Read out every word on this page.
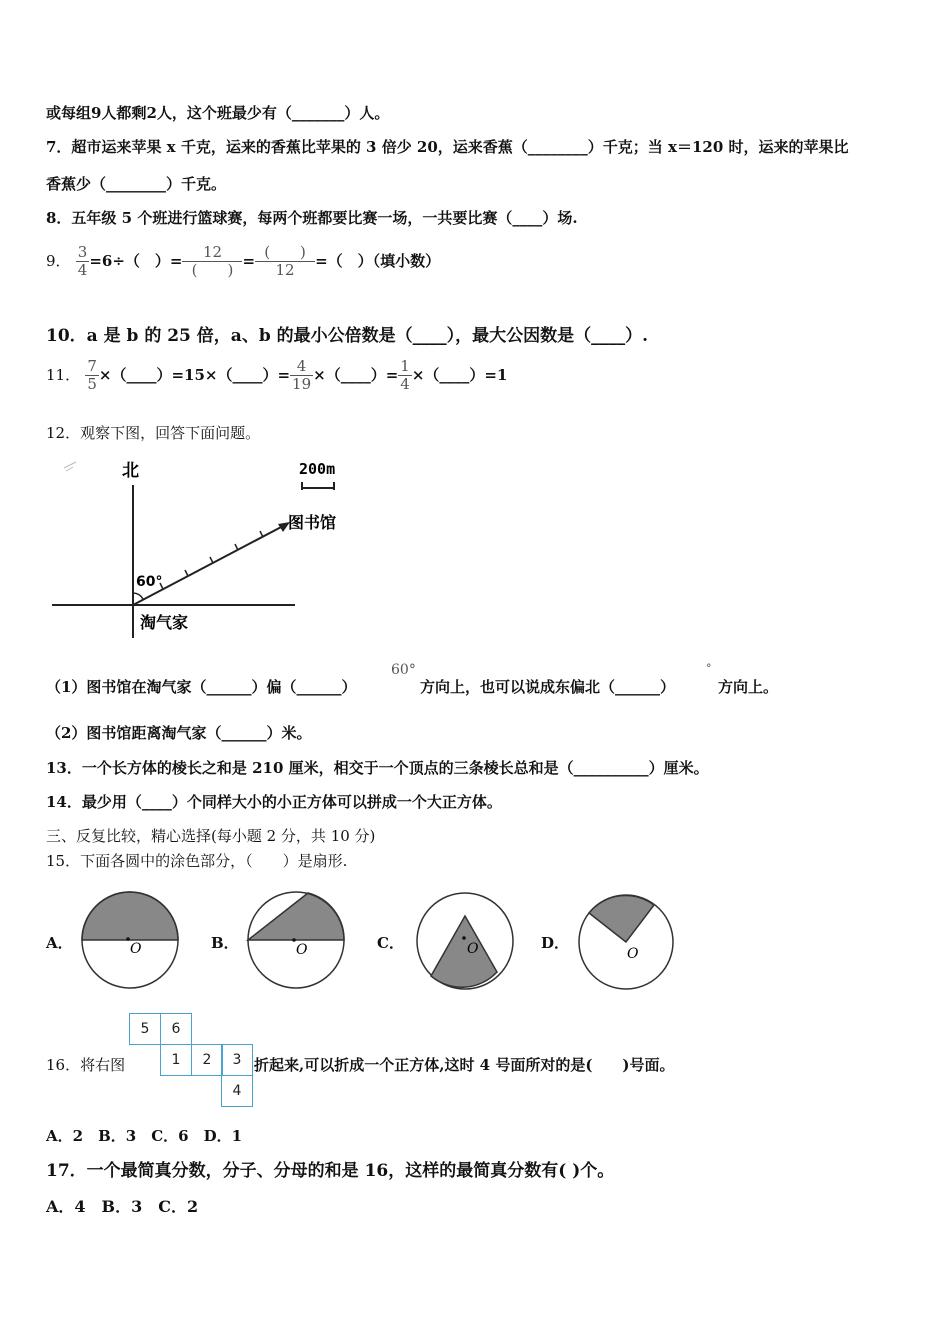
或每组9人都剩2人，这个班最少有（_______）人。
7．超市运来苹果 x 千克，运来的香蕉比苹果的 3 倍少 20，运来香蕉（________）千克；当 x＝120 时，运来的苹果比
香蕉少（________）千克。
8．五年级 5 个班进行篮球赛，每两个班都要比赛一场，一共要比赛（____）场.
9． $\frac{3}{4} =6\div$（　）= $\frac{12}{( )} = \frac{( )}{12}$ =（　）（填小数）
10．a 是 b 的 25 倍，a、b 的最小公倍数是（____），最大公因数是（____）.
11． $\frac{7}{5}$ ×（____）=15×（____）= $\frac{4}{19}$ ×（____）= $\frac{1}{4}$ ×（____）=1
12．观察下图，回答下面问题。
北	200m
图书馆
淘气家
60°
（1）图书馆在淘气家（______）偏（______）
60°
方向上，也可以说成东偏北（______）
°
方向上。
（2）图书馆距离淘气家（______）米。
13．一个长方体的棱长之和是 210 厘米，相交于一个顶点的三条棱长总和是（__________）厘米。
14．最少用（____）个同样大小的小正方体可以拼成一个大正方体。
三、反复比较，精心选择(每小题 2 分，共 10 分)
15．下面各圆中的涂色部分，（　　）是扇形.
A．	O	B．	O	C．	O	D．
O
16．将右图
5	6
1	2	3
4
折起来,可以折成一个正方体,这时 4 号面所对的是(　　)号面。
A．2　B．3　C．6　D．1
17．一个最简真分数，分子、分母的和是 16，这样的最简真分数有( )个。
A．4　B．3　C．2
